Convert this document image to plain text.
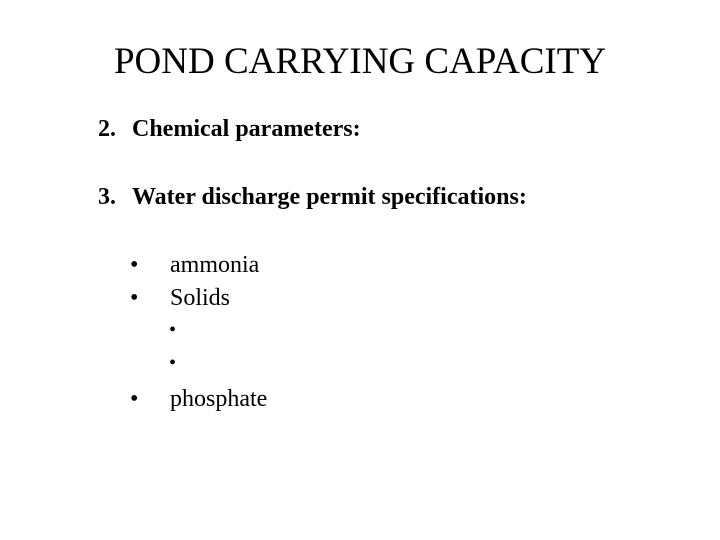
POND CARRYING CAPACITY
2. Chemical parameters:
3. Water discharge permit specifications:
• ammonia
• Solids
•
•
• phosphate
